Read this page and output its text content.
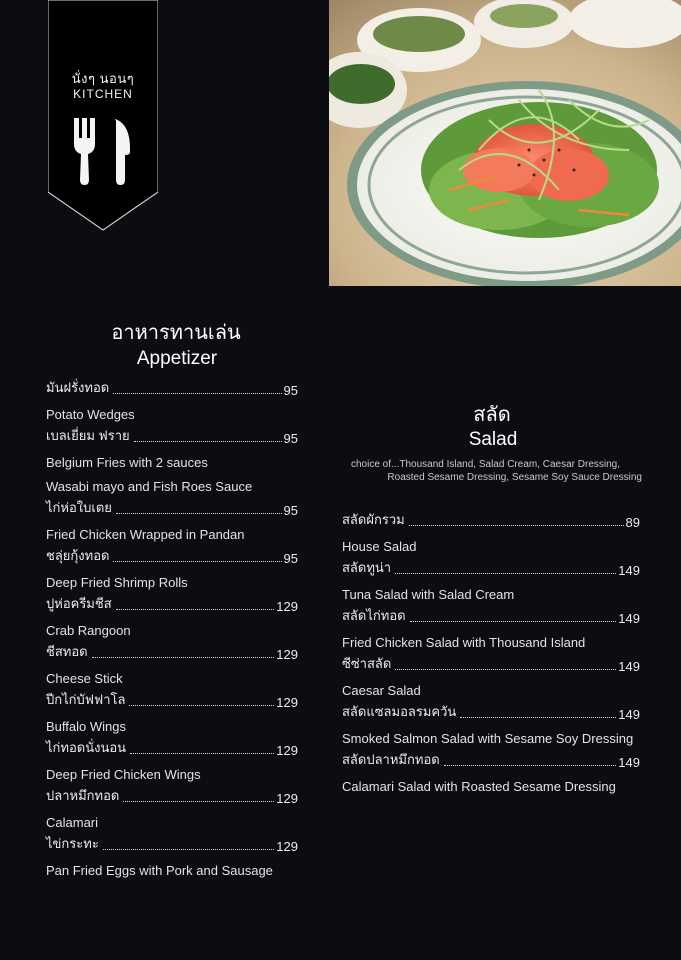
นั่งๆ นอนๆ
KITCHEN
อาหารทานเล่น
Appetizer
มันฝรั่งทอด	95
Potato Wedges
เบลเยี่ยม ฟราย	95
Belgium Fries with 2 sauces
Wasabi mayo and Fish Roes Sauce
ไก่ห่อใบเตย	95
Fried Chicken Wrapped in Pandan
ชลุ่ยกุ้งทอด	95
Deep Fried Shrimp Rolls
ปูห่อครีมชีส	129
Crab Rangoon
ชีสทอด	129
Cheese Stick
ปีกไก่บัฟฟาโล	129
Buffalo Wings
ไก่ทอดนั่งนอน	129
Deep Fried Chicken Wings
ปลาหมึกทอด	129
Calamari
ไข่กระทะ	129
Pan Fried Eggs with Pork and Sausage
สลัด
Salad
choice of...Thousand Island, Salad Cream, Caesar Dressing,
Roasted Sesame Dressing, Sesame Soy Sauce Dressing
สลัดผักรวม	89
House Salad
สลัดทูน่า	149
Tuna Salad with Salad Cream
สลัดไก่ทอด	149
Fried Chicken Salad with Thousand Island
ซีซ่าสลัด	149
Caesar Salad
สลัดแซลมอลรมควัน	149
Smoked Salmon Salad with Sesame Soy Dressing
สลัดปลาหมึกทอด	149
Calamari Salad with Roasted Sesame Dressing
